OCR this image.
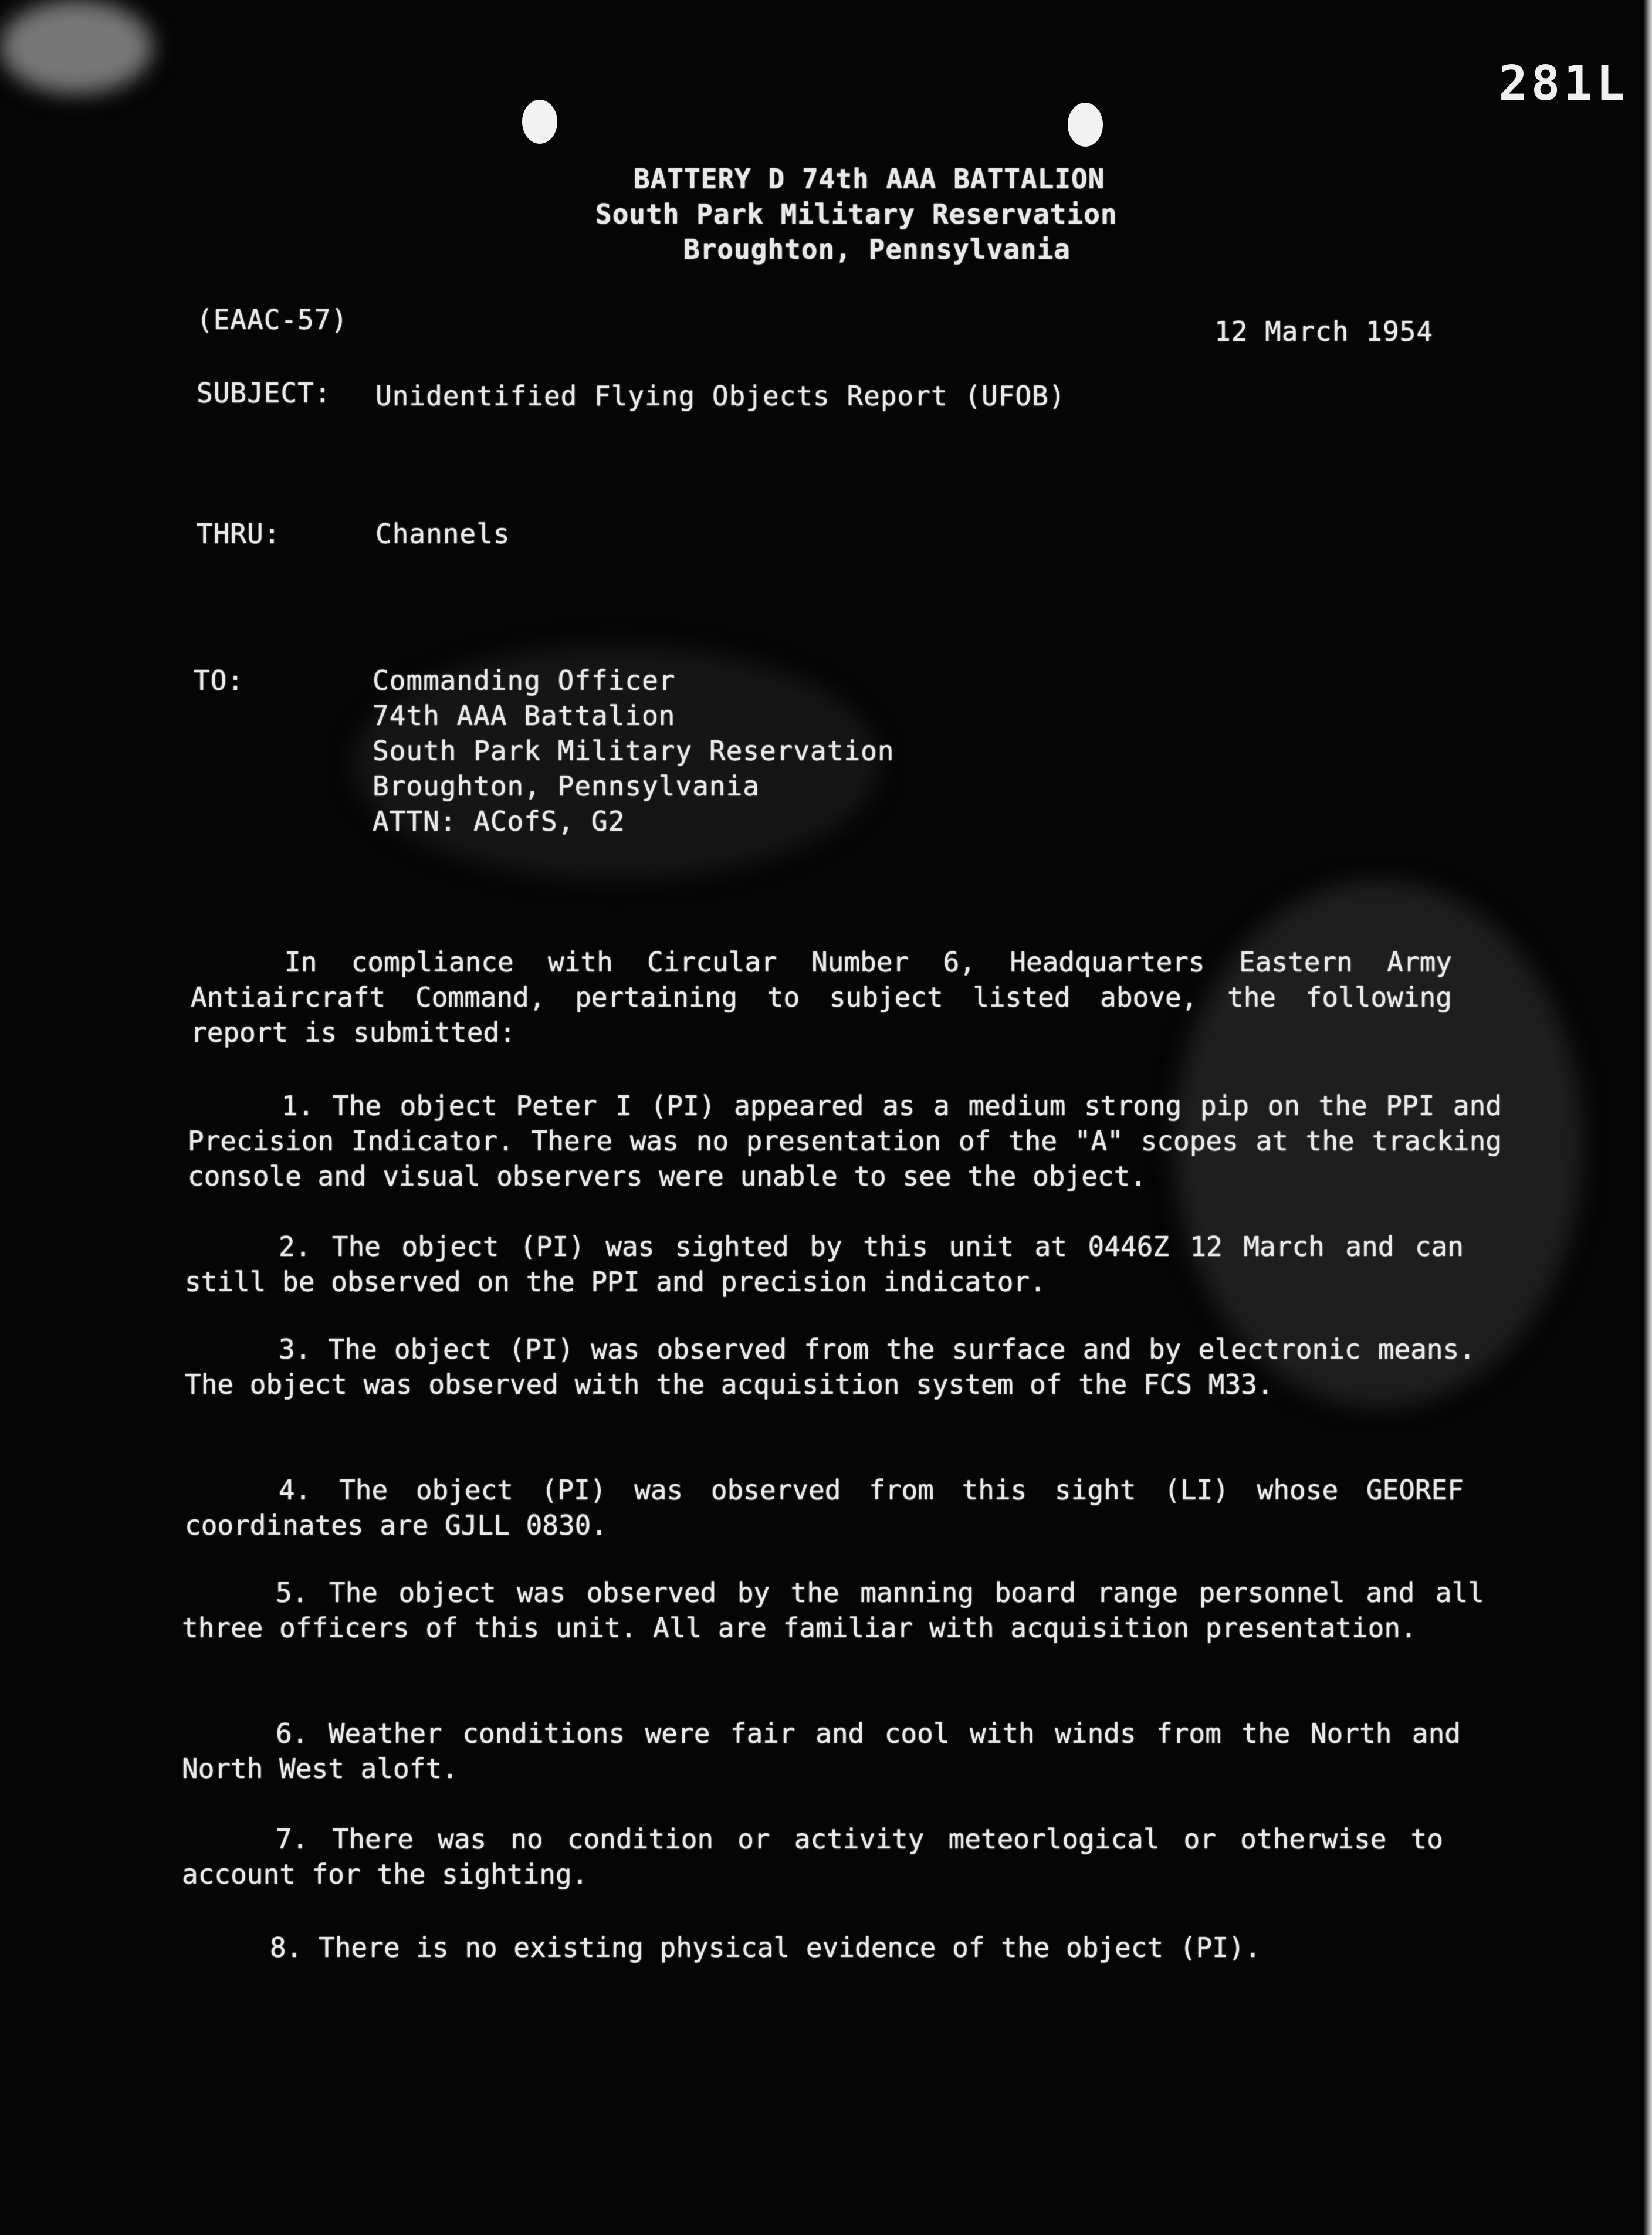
281L
BATTERY D 74th AAA BATTALION
South Park Military Reservation
Broughton, Pennsylvania
(EAAC-57)	12 March 1954
SUBJECT: Unidentified Flying Objects Report (UFOB)
THRU:	Channels
TO:	Commanding Officer
74th AAA Battalion
South Park Military Reservation
Broughton, Pennsylvania
ATTN: ACofS, G2
In compliance with Circular Number 6, Headquarters Eastern Army Antiaircraft Command, pertaining to subject listed above, the following report is submitted:
1. The object Peter I (PI) appeared as a medium strong pip on the PPI and Precision Indicator. There was no presentation of the "A" scopes at the tracking console and visual observers were unable to see the object.
2. The object (PI) was sighted by this unit at 0446Z 12 March and can still be observed on the PPI and precision indicator.
3. The object (PI) was observed from the surface and by electronic means. The object was observed with the acquisition system of the FCS M33.
4. The object (PI) was observed from this sight (LI) whose GEOREF coordinates are GJLL 0830.
5. The object was observed by the manning board range personnel and all three officers of this unit. All are familiar with acquisition presentation.
6. Weather conditions were fair and cool with winds from the North and North West aloft.
7. There was no condition or activity meteorlogical or otherwise to account for the sighting.
8. There is no existing physical evidence of the object (PI).
